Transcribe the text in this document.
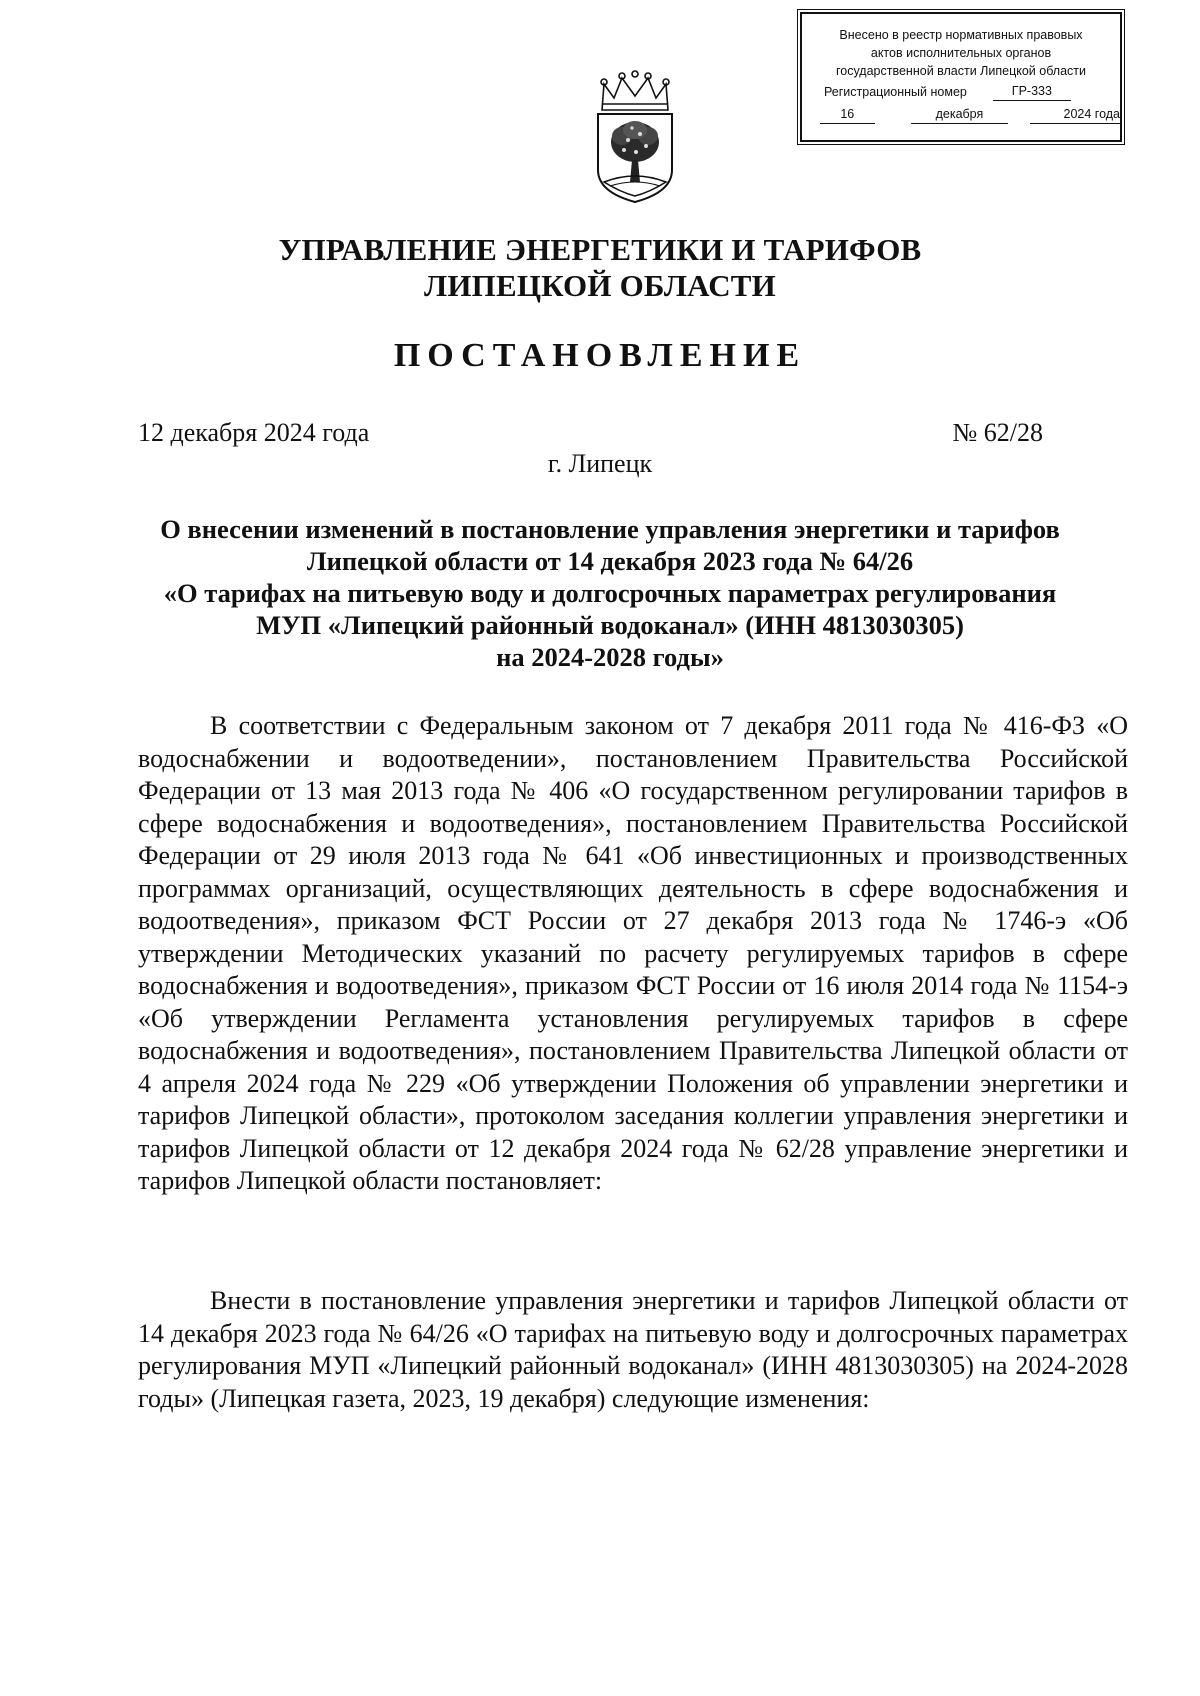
Внесено в реестр нормативных правовых
актов исполнительных органов
государственной власти Липецкой области
Регистрационный номер	ГР-333
16	декабря	2024 года
УПРАВЛЕНИЕ ЭНЕРГЕТИКИ И ТАРИФОВ
ЛИПЕЦКОЙ ОБЛАСТИ
ПОСТАНОВЛЕНИЕ
12 декабря 2024 года	№ 62/28
г. Липецк
О внесении изменений в постановление управления энергетики и тарифов
Липецкой области от 14 декабря 2023 года № 64/26
«О тарифах на питьевую воду и долгосрочных параметрах регулирования
МУП «Липецкий районный водоканал» (ИНН 4813030305)
на 2024-2028 годы»
В соответствии с Федеральным законом от 7 декабря 2011 года № 416-ФЗ «О водоснабжении и водоотведении», постановлением Правительства Российской Федерации от 13 мая 2013 года № 406 «О государственном регулировании тарифов в сфере водоснабжения и водоотведения», постановлением Правительства Российской Федерации от 29 июля 2013 года № 641 «Об инвестиционных и производственных программах организаций, осуществляющих деятельность в сфере водоснабжения и водоотведения», приказом ФСТ России от 27 декабря 2013 года № 1746-э «Об утверждении Методических указаний по расчету регулируемых тарифов в сфере водоснабжения и водоотведения», приказом ФСТ России от 16 июля 2014 года № 1154-э «Об утверждении Регламента установления регулируемых тарифов в сфере водоснабжения и водоотведения», постановлением Правительства Липецкой области от 4 апреля 2024 года № 229 «Об утверждении Положения об управлении энергетики и тарифов Липецкой области», протоколом заседания коллегии управления энергетики и тарифов Липецкой области от 12 декабря 2024 года № 62/28 управление энергетики и тарифов Липецкой области постановляет:
Внести в постановление управления энергетики и тарифов Липецкой области от 14 декабря 2023 года № 64/26 «О тарифах на питьевую воду и долгосрочных параметрах регулирования МУП «Липецкий районный водоканал» (ИНН 4813030305) на 2024-2028 годы» (Липецкая газета, 2023, 19 декабря) следующие изменения:
